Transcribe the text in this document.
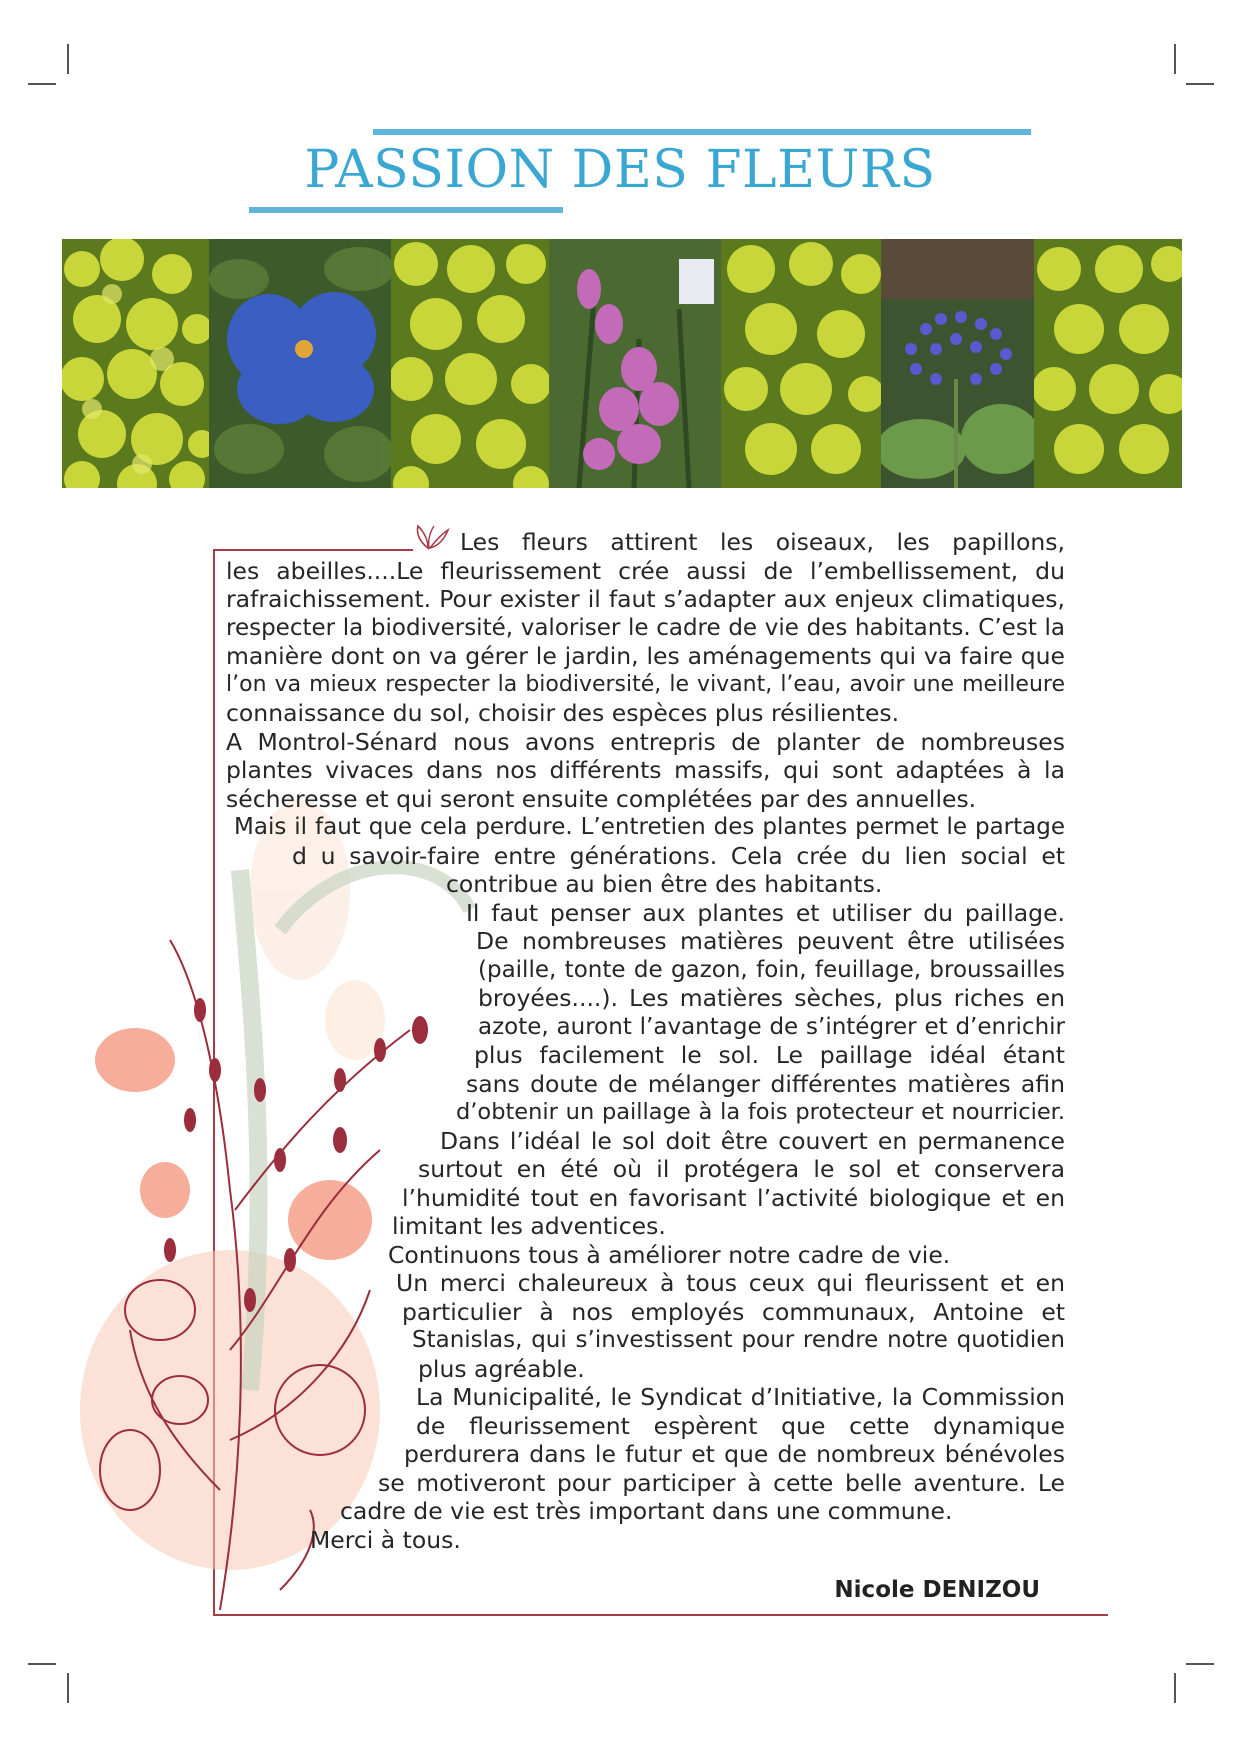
PASSION DES FLEURS
Les fleurs attirent les oiseaux, les papillons,
les abeilles....Le fleurissement crée aussi de l’embellissement, du
rafraichissement. Pour exister il faut s’adapter aux enjeux climatiques,
respecter la biodiversité, valoriser le cadre de vie des habitants. C’est la
manière dont on va gérer le jardin, les aménagements qui va faire que
l’on va mieux respecter la biodiversité, le vivant, l’eau, avoir une meilleure
connaissance du sol, choisir des espèces plus résilientes.
A Montrol-Sénard nous avons entrepris de planter de nombreuses
plantes vivaces dans nos différents massifs, qui sont adaptées à la
sécheresse et qui seront ensuite complétées par des annuelles.
Mais il faut que cela perdure. L’entretien des plantes permet le partage
d u savoir-faire entre générations. Cela crée du lien social et
contribue au bien être des habitants.
Il faut penser aux plantes et utiliser du paillage.
De nombreuses matières peuvent être utilisées
(paille, tonte de gazon, foin, feuillage, broussailles
broyées....). Les matières sèches, plus riches en
azote, auront l’avantage de s’intégrer et d’enrichir
plus facilement le sol. Le paillage idéal étant
sans doute de mélanger différentes matières afin
d’obtenir un paillage à la fois protecteur et nourricier.
Dans l’idéal le sol doit être couvert en permanence
surtout en été où il protégera le sol et conservera
l’humidité tout en favorisant l’activité biologique et en
limitant les adventices.
Continuons tous à améliorer notre cadre de vie.
Un merci chaleureux à tous ceux qui fleurissent et en
particulier à nos employés communaux, Antoine et
Stanislas, qui s’investissent pour rendre notre quotidien
plus agréable.
La Municipalité, le Syndicat d’Initiative, la Commission
de fleurissement espèrent que cette dynamique
perdurera dans le futur et que de nombreux bénévoles
se motiveront pour participer à cette belle aventure. Le
cadre de vie est très important dans une commune.
Merci à tous.
Nicole DENIZOU
